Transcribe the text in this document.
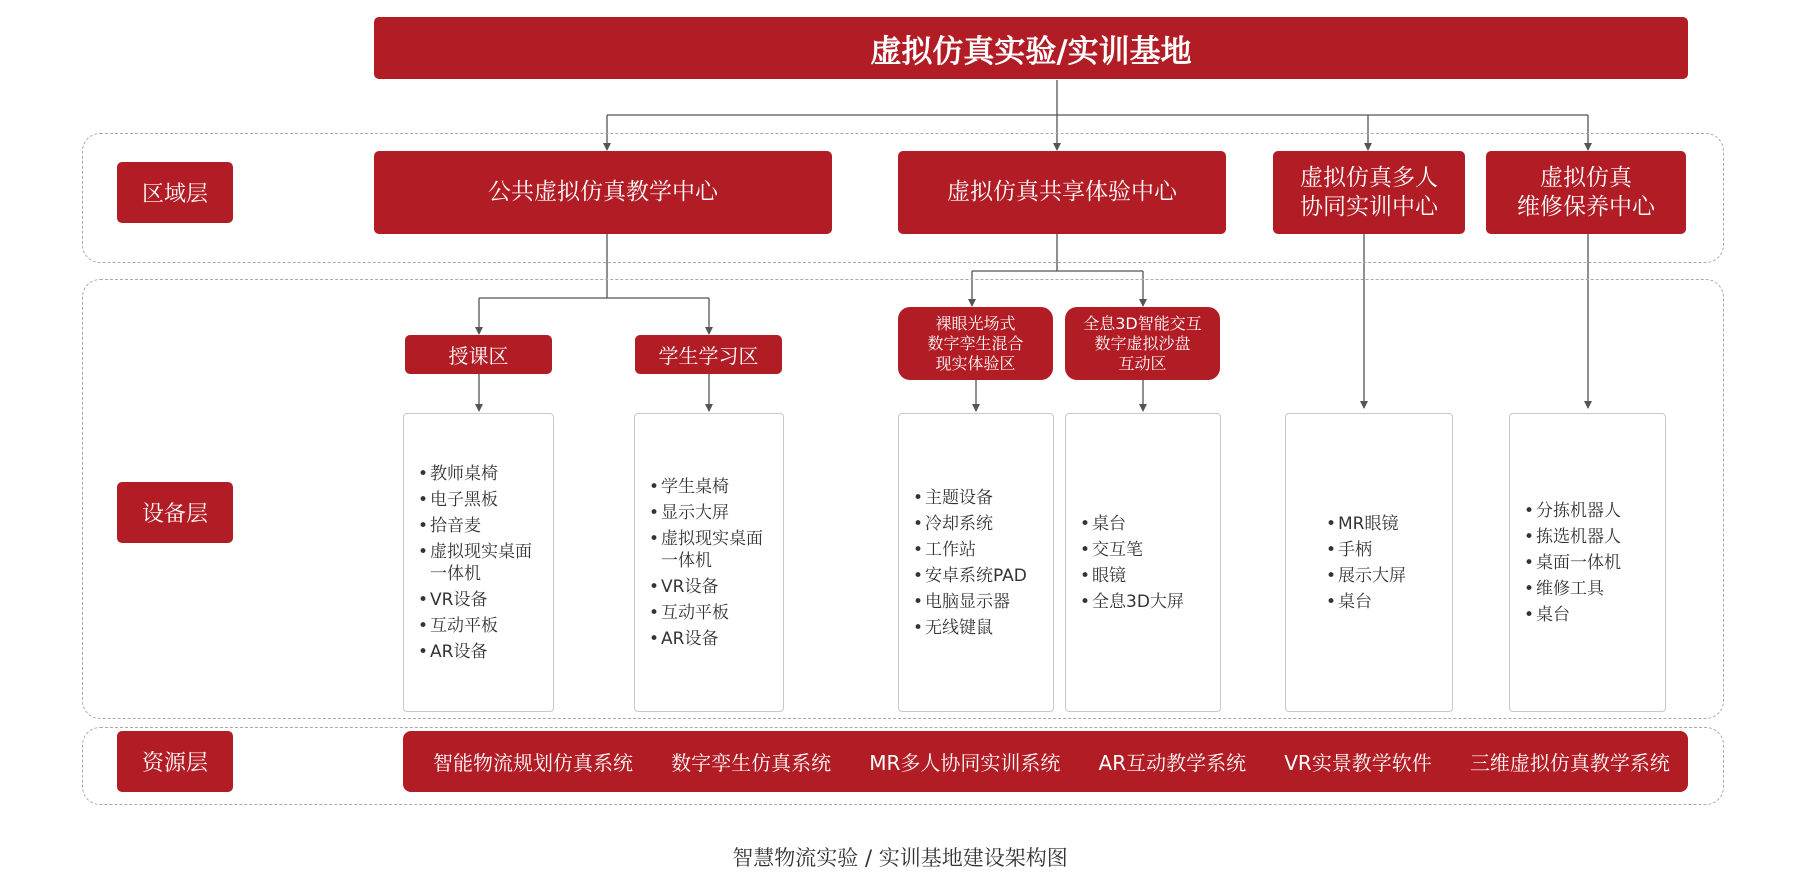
虚拟仿真实验/实训基地
区域层
设备层
资源层
公共虚拟仿真教学中心	虚拟仿真共享体验中心
虚拟仿真多人
协同实训中心
虚拟仿真
维修保养中心
授课区	学生学习区
裸眼光场式
数字孪生混合
现实体验区
全息3D智能交互
数字虚拟沙盘
互动区
• 教师桌椅
• 电子黑板
• 拾音麦
• 虚拟现实桌面
一体机
• VR设备
• 互动平板
• AR设备
• 学生桌椅
• 显示大屏
• 虚拟现实桌面
一体机
• VR设备
• 互动平板
• AR设备
• 主题设备
• 冷却系统
• 工作站
• 安卓系统PAD
• 电脑显示器
• 无线键鼠
• 桌台
• 交互笔
• 眼镜
• 全息3D大屏
• MR眼镜
• 手柄
• 展示大屏
• 桌台
• 分拣机器人
• 拣选机器人
• 桌面一体机
• 维修工具
• 桌台
智能物流规划仿真系统 数字孪生仿真系统 MR多人协同实训系统 AR互动教学系统 VR实景教学软件 三维虚拟仿真教学系统
智慧物流实验 / 实训基地建设架构图
